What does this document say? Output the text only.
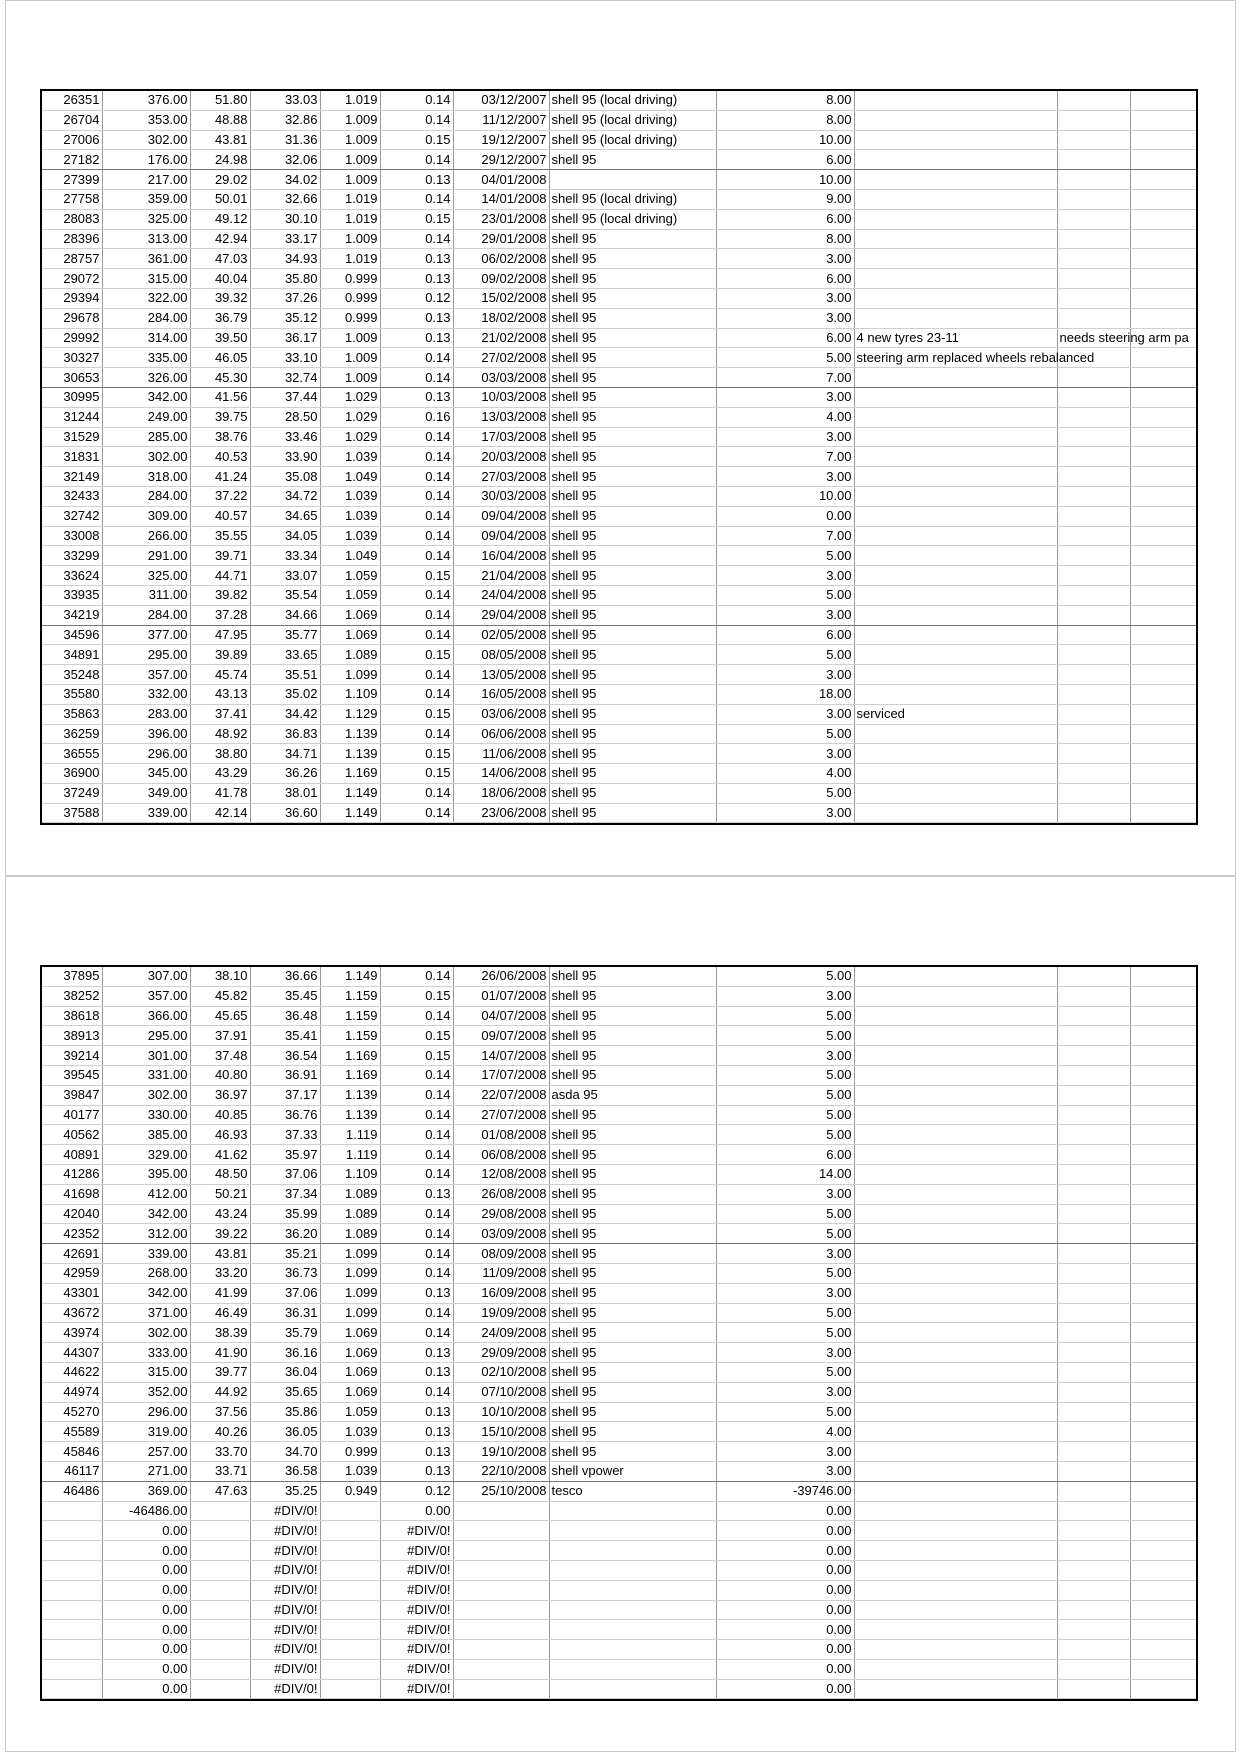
26351	376.00	51.80	33.03	1.019	0.14	03/12/2007	shell 95 (local driving)	8.00			
26704	353.00	48.88	32.86	1.009	0.14	11/12/2007	shell 95 (local driving)	8.00			
27006	302.00	43.81	31.36	1.009	0.15	19/12/2007	shell 95 (local driving)	10.00			
27182	176.00	24.98	32.06	1.009	0.14	29/12/2007	shell 95	6.00			
27399	217.00	29.02	34.02	1.009	0.13	04/01/2008		10.00			
27758	359.00	50.01	32.66	1.019	0.14	14/01/2008	shell 95 (local driving)	9.00			
28083	325.00	49.12	30.10	1.019	0.15	23/01/2008	shell 95 (local driving)	6.00			
28396	313.00	42.94	33.17	1.009	0.14	29/01/2008	shell 95	8.00			
28757	361.00	47.03	34.93	1.019	0.13	06/02/2008	shell 95	3.00			
29072	315.00	40.04	35.80	0.999	0.13	09/02/2008	shell 95	6.00			
29394	322.00	39.32	37.26	0.999	0.12	15/02/2008	shell 95	3.00			
29678	284.00	36.79	35.12	0.999	0.13	18/02/2008	shell 95	3.00			
29992	314.00	39.50	36.17	1.009	0.13	21/02/2008	shell 95	6.00	4 new tyres 23-11	needs steering arm pa	
30327	335.00	46.05	33.10	1.009	0.14	27/02/2008	shell 95	5.00	steering arm replaced wheels rebalanced		
30653	326.00	45.30	32.74	1.009	0.14	03/03/2008	shell 95	7.00			
30995	342.00	41.56	37.44	1.029	0.13	10/03/2008	shell 95	3.00			
31244	249.00	39.75	28.50	1.029	0.16	13/03/2008	shell 95	4.00			
31529	285.00	38.76	33.46	1.029	0.14	17/03/2008	shell 95	3.00			
31831	302.00	40.53	33.90	1.039	0.14	20/03/2008	shell 95	7.00			
32149	318.00	41.24	35.08	1.049	0.14	27/03/2008	shell 95	3.00			
32433	284.00	37.22	34.72	1.039	0.14	30/03/2008	shell 95	10.00			
32742	309.00	40.57	34.65	1.039	0.14	09/04/2008	shell 95	0.00			
33008	266.00	35.55	34.05	1.039	0.14	09/04/2008	shell 95	7.00			
33299	291.00	39.71	33.34	1.049	0.14	16/04/2008	shell 95	5.00			
33624	325.00	44.71	33.07	1.059	0.15	21/04/2008	shell 95	3.00			
33935	311.00	39.82	35.54	1.059	0.14	24/04/2008	shell 95	5.00			
34219	284.00	37.28	34.66	1.069	0.14	29/04/2008	shell 95	3.00			
34596	377.00	47.95	35.77	1.069	0.14	02/05/2008	shell 95	6.00			
34891	295.00	39.89	33.65	1.089	0.15	08/05/2008	shell 95	5.00			
35248	357.00	45.74	35.51	1.099	0.14	13/05/2008	shell 95	3.00			
35580	332.00	43.13	35.02	1.109	0.14	16/05/2008	shell 95	18.00			
35863	283.00	37.41	34.42	1.129	0.15	03/06/2008	shell 95	3.00	serviced		
36259	396.00	48.92	36.83	1.139	0.14	06/06/2008	shell 95	5.00			
36555	296.00	38.80	34.71	1.139	0.15	11/06/2008	shell 95	3.00			
36900	345.00	43.29	36.26	1.169	0.15	14/06/2008	shell 95	4.00			
37249	349.00	41.78	38.01	1.149	0.14	18/06/2008	shell 95	5.00			
37588	339.00	42.14	36.60	1.149	0.14	23/06/2008	shell 95	3.00			
37895	307.00	38.10	36.66	1.149	0.14	26/06/2008	shell 95	5.00			
38252	357.00	45.82	35.45	1.159	0.15	01/07/2008	shell 95	3.00			
38618	366.00	45.65	36.48	1.159	0.14	04/07/2008	shell 95	5.00			
38913	295.00	37.91	35.41	1.159	0.15	09/07/2008	shell 95	5.00			
39214	301.00	37.48	36.54	1.169	0.15	14/07/2008	shell 95	3.00			
39545	331.00	40.80	36.91	1.169	0.14	17/07/2008	shell 95	5.00			
39847	302.00	36.97	37.17	1.139	0.14	22/07/2008	asda 95	5.00			
40177	330.00	40.85	36.76	1.139	0.14	27/07/2008	shell 95	5.00			
40562	385.00	46.93	37.33	1.119	0.14	01/08/2008	shell 95	5.00			
40891	329.00	41.62	35.97	1.119	0.14	06/08/2008	shell 95	6.00			
41286	395.00	48.50	37.06	1.109	0.14	12/08/2008	shell 95	14.00			
41698	412.00	50.21	37.34	1.089	0.13	26/08/2008	shell 95	3.00			
42040	342.00	43.24	35.99	1.089	0.14	29/08/2008	shell 95	5.00			
42352	312.00	39.22	36.20	1.089	0.14	03/09/2008	shell 95	5.00			
42691	339.00	43.81	35.21	1.099	0.14	08/09/2008	shell 95	3.00			
42959	268.00	33.20	36.73	1.099	0.14	11/09/2008	shell 95	5.00			
43301	342.00	41.99	37.06	1.099	0.13	16/09/2008	shell 95	3.00			
43672	371.00	46.49	36.31	1.099	0.14	19/09/2008	shell 95	5.00			
43974	302.00	38.39	35.79	1.069	0.14	24/09/2008	shell 95	5.00			
44307	333.00	41.90	36.16	1.069	0.13	29/09/2008	shell 95	3.00			
44622	315.00	39.77	36.04	1.069	0.13	02/10/2008	shell 95	5.00			
44974	352.00	44.92	35.65	1.069	0.14	07/10/2008	shell 95	3.00			
45270	296.00	37.56	35.86	1.059	0.13	10/10/2008	shell 95	5.00			
45589	319.00	40.26	36.05	1.039	0.13	15/10/2008	shell 95	4.00			
45846	257.00	33.70	34.70	0.999	0.13	19/10/2008	shell 95	3.00			
46117	271.00	33.71	36.58	1.039	0.13	22/10/2008	shell vpower	3.00			
46486	369.00	47.63	35.25	0.949	0.12	25/10/2008	tesco	-39746.00			
	-46486.00		#DIV/0!		0.00			0.00			
	0.00		#DIV/0!		#DIV/0!			0.00			
	0.00		#DIV/0!		#DIV/0!			0.00			
	0.00		#DIV/0!		#DIV/0!			0.00			
	0.00		#DIV/0!		#DIV/0!			0.00			
	0.00		#DIV/0!		#DIV/0!			0.00			
	0.00		#DIV/0!		#DIV/0!			0.00			
	0.00		#DIV/0!		#DIV/0!			0.00			
	0.00		#DIV/0!		#DIV/0!			0.00			
	0.00		#DIV/0!		#DIV/0!			0.00			
